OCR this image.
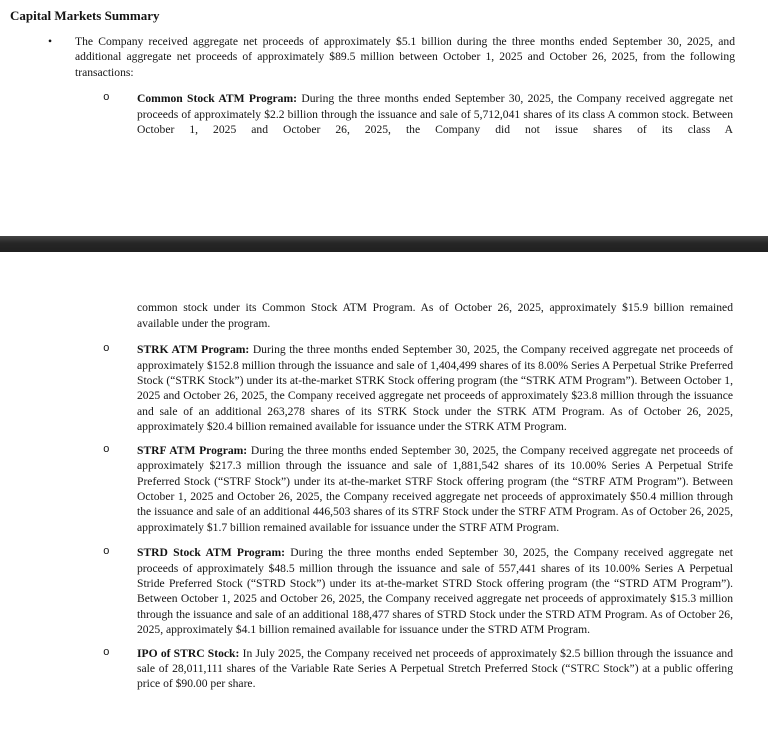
Capital Markets Summary
• The Company received aggregate net proceeds of approximately $5.1 billion during the three months ended September 30, 2025, and additional aggregate net proceeds of approximately $89.5 million between October 1, 2025 and October 26, 2025, from the following transactions:
o Common Stock ATM Program: During the three months ended September 30, 2025, the Company received aggregate net proceeds of approximately $2.2 billion through the issuance and sale of 5,712,041 shares of its class A common stock. Between October 1, 2025 and October 26, 2025, the Company did not issue shares of its class A
common stock under its Common Stock ATM Program. As of October 26, 2025, approximately $15.9 billion remained available under the program.
o STRK ATM Program: During the three months ended September 30, 2025, the Company received aggregate net proceeds of approximately $152.8 million through the issuance and sale of 1,404,499 shares of its 8.00% Series A Perpetual Strike Preferred Stock (“STRK Stock”) under its at-the-market STRK Stock offering program (the “STRK ATM Program”). Between October 1, 2025 and October 26, 2025, the Company received aggregate net proceeds of approximately $23.8 million through the issuance and sale of an additional 263,278 shares of its STRK Stock under the STRK ATM Program. As of October 26, 2025, approximately $20.4 billion remained available for issuance under the STRK ATM Program.
o STRF ATM Program: During the three months ended September 30, 2025, the Company received aggregate net proceeds of approximately $217.3 million through the issuance and sale of 1,881,542 shares of its 10.00% Series A Perpetual Strife Preferred Stock (“STRF Stock”) under its at-the-market STRF Stock offering program (the “STRF ATM Program”). Between October 1, 2025 and October 26, 2025, the Company received aggregate net proceeds of approximately $50.4 million through the issuance and sale of an additional 446,503 shares of its STRF Stock under the STRF ATM Program. As of October 26, 2025, approximately $1.7 billion remained available for issuance under the STRF ATM Program.
o STRD Stock ATM Program: During the three months ended September 30, 2025, the Company received aggregate net proceeds of approximately $48.5 million through the issuance and sale of 557,441 shares of its 10.00% Series A Perpetual Stride Preferred Stock (“STRD Stock”) under its at-the-market STRD Stock offering program (the “STRD ATM Program”). Between October 1, 2025 and October 26, 2025, the Company received aggregate net proceeds of approximately $15.3 million through the issuance and sale of an additional 188,477 shares of STRD Stock under the STRD ATM Program. As of October 26, 2025, approximately $4.1 billion remained available for issuance under the STRD ATM Program.
o IPO of STRC Stock: In July 2025, the Company received net proceeds of approximately $2.5 billion through the issuance and sale of 28,011,111 shares of the Variable Rate Series A Perpetual Stretch Preferred Stock (“STRC Stock”) at a public offering price of $90.00 per share.
